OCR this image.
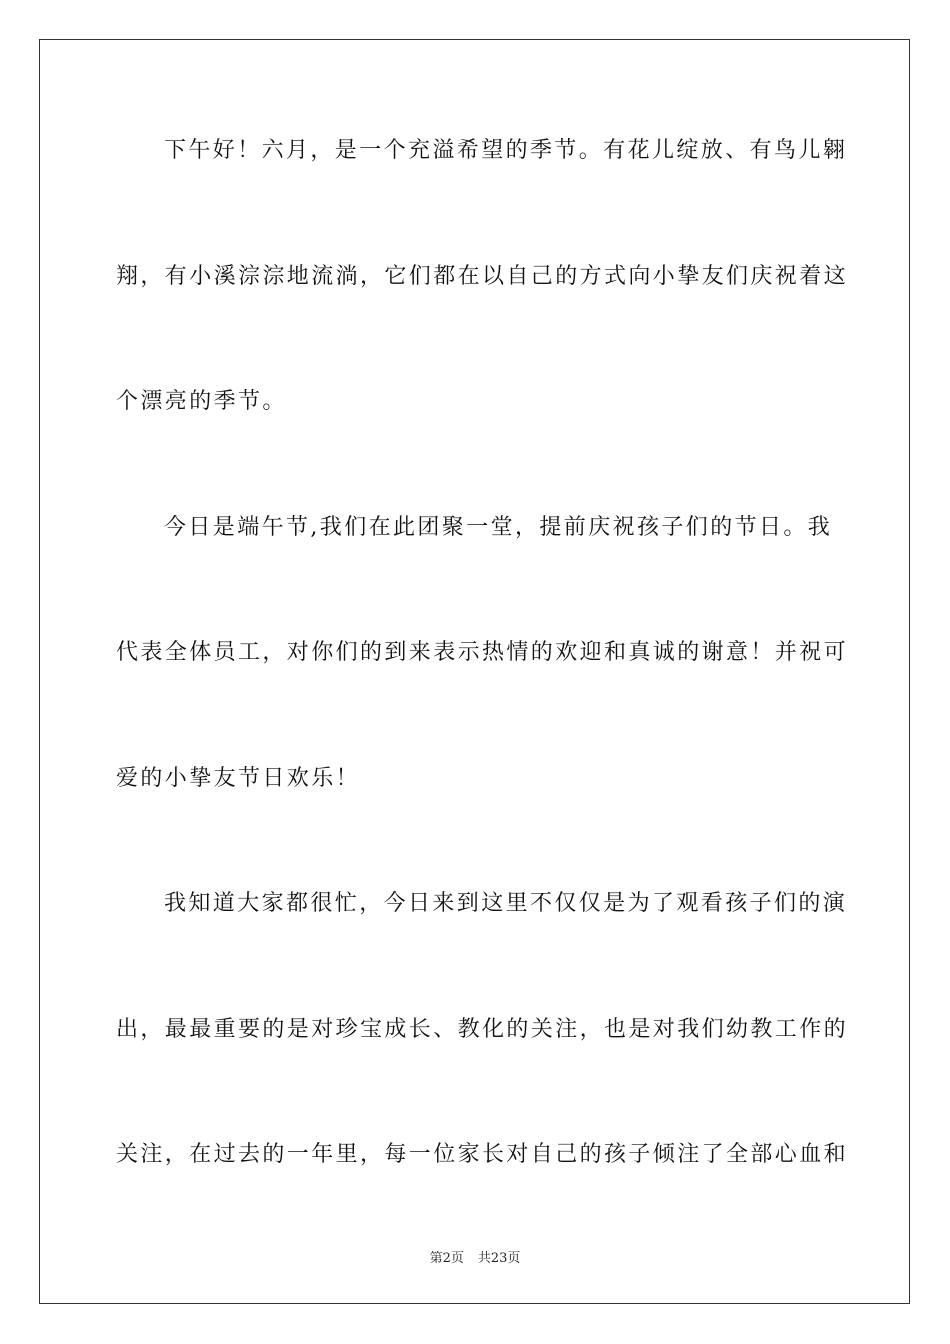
下午好！六月，是一个充溢希望的季节。有花儿绽放、有鸟儿翱
翔，有小溪淙淙地流淌，它们都在以自己的方式向小挚友们庆祝着这
个漂亮的季节。
今日是端午节,我们在此团聚一堂，提前庆祝孩子们的节日。我
代表全体员工，对你们的到来表示热情的欢迎和真诚的谢意！并祝可
爱的小挚友节日欢乐！
我知道大家都很忙，今日来到这里不仅仅是为了观看孩子们的演
出，最最重要的是对珍宝成长、教化的关注，也是对我们幼教工作的
关注，在过去的一年里，每一位家长对自己的孩子倾注了全部心血和
第2页 共23页
